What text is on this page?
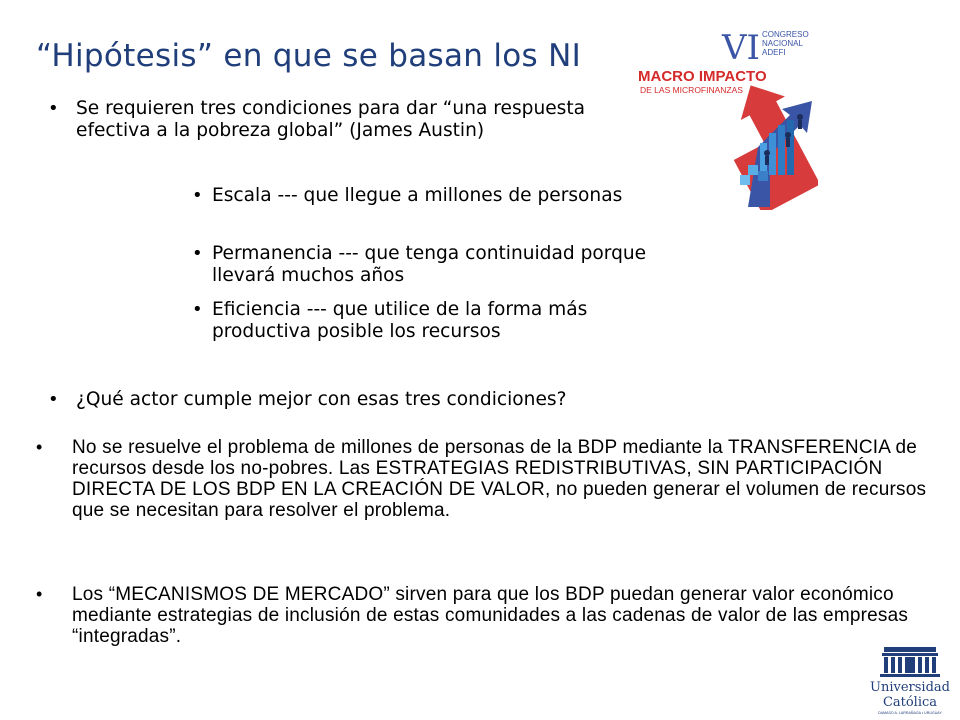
“Hipótesis” en que se basan los NI
• Se requieren tres condiciones para dar “una respuesta efectiva a la pobreza global” (James Austin)
• Escala --- que llegue a millones de personas
• Permanencia --- que tenga continuidad porque llevará muchos años
• Eficiencia --- que utilice de la forma más productiva posible los recursos
• ¿Qué actor cumple mejor con esas tres condiciones?
• No se resuelve el problema de millones de personas de la BDP mediante la TRANSFERENCIA de recursos desde los no-pobres. Las ESTRATEGIAS REDISTRIBUTIVAS, SIN PARTICIPACIÓN DIRECTA DE LOS BDP EN LA CREACIÓN DE VALOR, no pueden generar el volumen de recursos que se necesitan para resolver el problema.
• Los “MECANISMOS DE MERCADO” sirven para que los BDP puedan generar valor económico mediante estrategias de inclusión de estas comunidades a las cadenas de valor de las empresas “integradas”.
VI CONGRESO
NACIONAL
ADEFI
MACRO IMPACTO
DE LAS MICROFINANZAS
Universidad
Católica
DAMASO A. LARRAÑAGA • URUGUAY
